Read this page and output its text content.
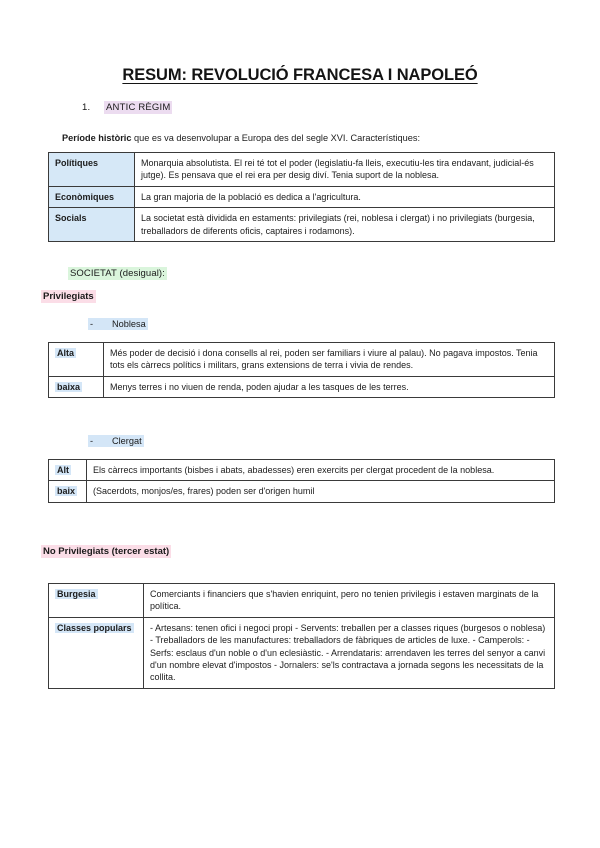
RESUM: REVOLUCIÓ FRANCESA I NAPOLEÓ
1. ANTIC RÈGIM

Període històric que es va desenvolupar a Europa des del segle XVI. Característiques:

Polítiques	Monarquia absolutista. El rei té tot el poder (legislatiu-fa lleis, executiu-les tira endavant, judicial-és jutge). Es pensava que el rei era per desig diví. Tenia suport de la noblesa.
Econòmiques	La gran majoria de la població es dedica a l'agricultura.
Socials	La societat està dividida en estaments: privilegiats (rei, noblesa i clergat) i no privilegiats (burgesia, treballadors de diferents oficis, captaires i rodamons).
SOCIETAT (desigual):
Privilegiats
- Noblesa
Alta	Més poder de decisió i dona consells al rei, poden ser familiars i viure al palau). No pagava impostos. Tenia tots els càrrecs polítics i militars, grans extensions de terra i vivia de rendes.
baixa	Menys terres i no viuen de renda, poden ajudar a les tasques de les terres.
- Clergat
Alt	Els càrrecs importants (bisbes i abats, abadesses) eren exercits per clergat procedent de la noblesa.
baix	(Sacerdots, monjos/es, frares) poden ser d'origen humil
No Privilegiats (tercer estat)
Burgesia	Comerciants i financiers que s'havien enriquint, pero no tenien privilegis i estaven marginats de la política.
Classes populars	- Artesans: tenen ofici i negoci propi - Servents: treballen per a classes riques (burgesos o noblesa) - Treballadors de les manufactures: treballadors de fàbriques de articles de luxe. - Camperols: - Serfs: esclaus d'un noble o d'un eclesiàstic. - Arrendataris: arrendaven les terres del senyor a canvi d'un nombre elevat d'impostos - Jornalers: se'ls contractava a jornada segons les necessitats de la collita.
